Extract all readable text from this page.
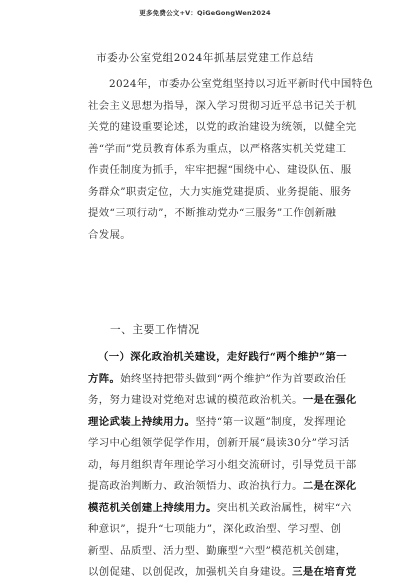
更多免费公文+V：QiGeGongWen2024
市委办公室党组2024年抓基层党建工作总结
2024年，市委办公室党组坚持以习近平新时代中国特色
社会主义思想为指导，深入学习贯彻习近平总书记关于机
关党的建设重要论述，以党的政治建设为统领，以健全完
善“学而”党员教育体系为重点，以严格落实机关党建工
作责任制度为抓手，牢牢把握“围绕中心、建设队伍、服
务群众”职责定位，大力实施党建提质、业务提能、服务
提效“三项行动”，不断推动党办“三服务”工作创新融
合发展。
一、主要工作情况
（一）深化政治机关建设，走好践行“两个维护”第一
方阵。始终坚持把带头做到“两个维护”作为首要政治任
务，努力建设对党绝对忠诚的模范政治机关。一是在强化
理论武装上持续用力。坚持“第一议题”制度，发挥理论
学习中心组领学促学作用，创新开展“晨读30分”学习活
动，每月组织青年理论学习小组交流研讨，引导党员干部
提高政治判断力、政治领悟力、政治执行力。二是在深化
模范机关创建上持续用力。突出机关政治属性，树牢“六
种意识”，提升“七项能力”，深化政治型、学习型、创
新型、品质型、活力型、勤廉型“六型”模范机关创建，
以创促建、以创促改，加强机关自身建设。三是在培育党
